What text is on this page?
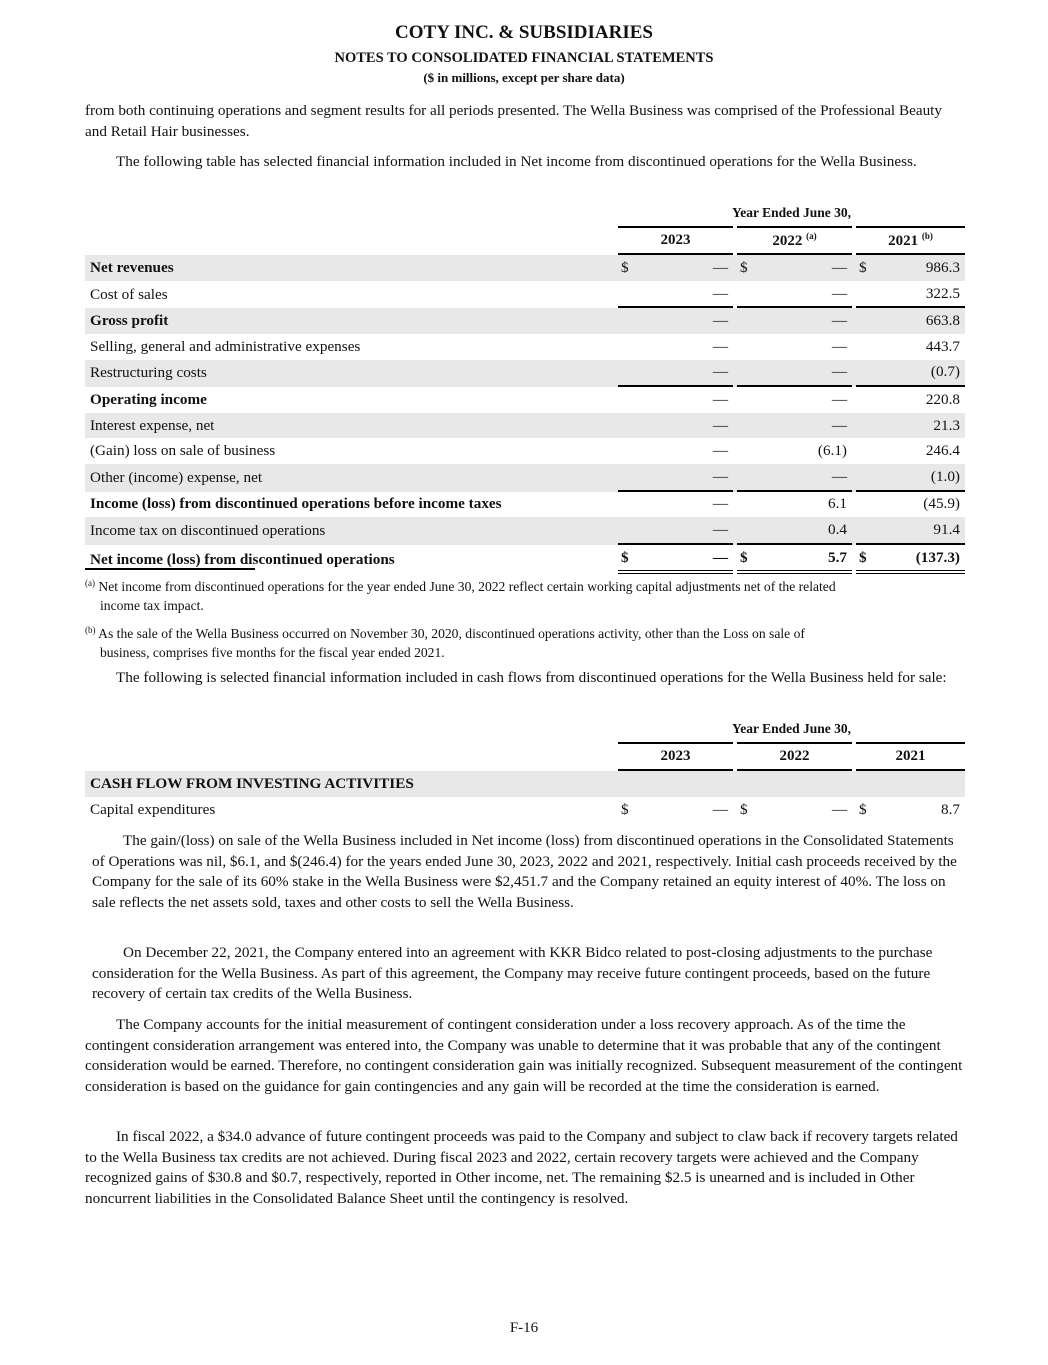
COTY INC. & SUBSIDIARIES
NOTES TO CONSOLIDATED FINANCIAL STATEMENTS
($ in millions, except per share data)

from both continuing operations and segment results for all periods presented. The Wella Business was comprised of the Professional Beauty and Retail Hair businesses.

The following table has selected financial information included in Net income from discontinued operations for the Wella Business.

	Year Ended June 30,							
	2023			2022 $^{(a)}$			2021 $^{(b)}$
Net revenues	$	—		$	—		$	986.3
Cost of sales		—			—			322.5
Gross profit		—			—			663.8
Selling, general and administrative expenses		—			—			443.7
Restructuring costs		—			—			(0.7)
Operating income		—			—			220.8
Interest expense, net		—			—			21.3
(Gain) loss on sale of business		—			(6.1)			246.4
Other (income) expense, net		—			—			(1.0)
Income (loss) from discontinued operations before income taxes		—			6.1			(45.9)
Income tax on discontinued operations		—			0.4			91.4
Net income (loss) from discontinued operations	$	—		$	5.7		$	(137.3)
$^{(a)}$ Net income from discontinued operations for the year ended June 30, 2022 reflect certain working capital adjustments net of the related
income tax impact.
$^{(b)}$ As the sale of the Wella Business occurred on November 30, 2020, discontinued operations activity, other than the Loss on sale of
business, comprises five months for the fiscal year ended 2021.

The following is selected financial information included in cash flows from discontinued operations for the Wella Business held for sale:

	Year Ended June 30,							
	2023			2022			2021	
CASH FLOW FROM INVESTING ACTIVITIES								
Capital expenditures	$	—		$	—		$	8.7

The gain/(loss) on sale of the Wella Business included in Net income (loss) from discontinued operations in the Consolidated Statements of Operations was nil, $6.1, and $(246.4) for the years ended June 30, 2023, 2022 and 2021, respectively. Initial cash proceeds received by the Company for the sale of its 60% stake in the Wella Business were $2,451.7 and the Company retained an equity interest of 40%. The loss on sale reflects the net assets sold, taxes and other costs to sell the Wella Business.

On December 22, 2021, the Company entered into an agreement with KKR Bidco related to post-closing adjustments to the purchase consideration for the Wella Business. As part of this agreement, the Company may receive future contingent proceeds, based on the future recovery of certain tax credits of the Wella Business.

The Company accounts for the initial measurement of contingent consideration under a loss recovery approach. As of the time the contingent consideration arrangement was entered into, the Company was unable to determine that it was probable that any of the contingent consideration would be earned. Therefore, no contingent consideration gain was initially recognized. Subsequent measurement of the contingent consideration is based on the guidance for gain contingencies and any gain will be recorded at the time the consideration is earned.

In fiscal 2022, a $34.0 advance of future contingent proceeds was paid to the Company and subject to claw back if recovery targets related to the Wella Business tax credits are not achieved. During fiscal 2023 and 2022, certain recovery targets were achieved and the Company recognized gains of $30.8 and $0.7, respectively, reported in Other income, net. The remaining $2.5 is unearned and is included in Other noncurrent liabilities in the Consolidated Balance Sheet until the contingency is resolved.

F-16
